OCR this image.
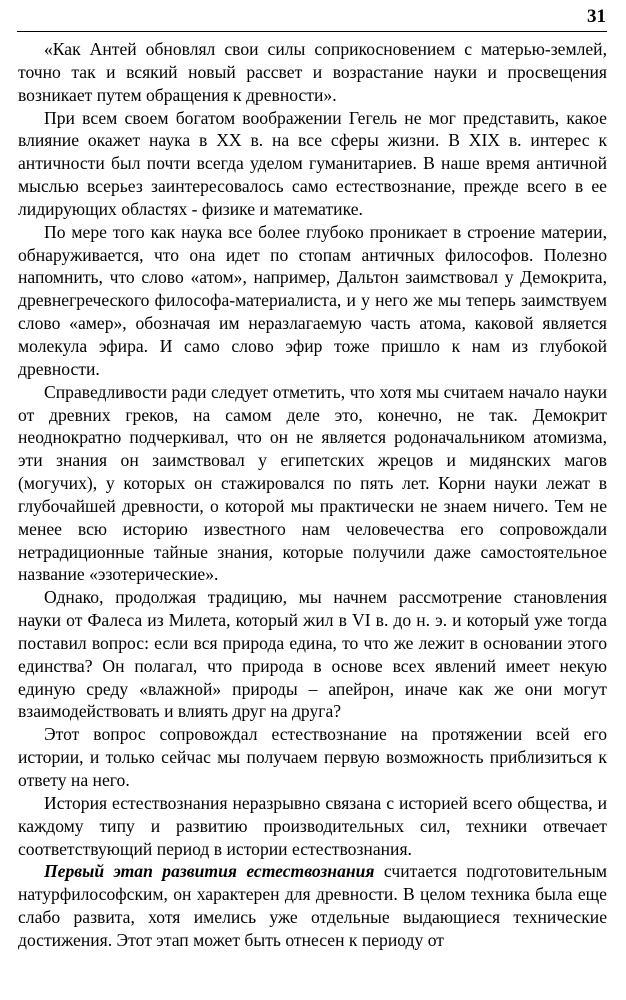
31

«Как Антей обновлял свои силы соприкосновением с матерью-землей, точно так и всякий новый рассвет и возрастание науки и просвещения возникает путем обращения к древности».

При всем своем богатом воображении Гегель не мог представить, какое влияние окажет наука в XX в. на все сферы жизни. В XIX в. интерес к античности был почти всегда уделом гуманитариев. В наше время античной мыслью всерьез заинтересовалось само естествознание, прежде всего в ее лидирующих областях - физике и математике.

По мере того как наука все более глубоко проникает в строение материи, обнаруживается, что она идет по стопам античных философов. Полезно напомнить, что слово «атом», например, Дальтон заимствовал у Демокрита, древнегреческого философа-материалиста, и у него же мы теперь заимствуем слово «амер», обозначая им неразлагаемую часть атома, каковой является молекула эфира. И само слово эфир тоже пришло к нам из глубокой древности.

Справедливости ради следует отметить, что хотя мы считаем начало науки от древних греков, на самом деле это, конечно, не так. Демокрит неоднократно подчеркивал, что он не является родоначальником атомизма, эти знания он заимствовал у египетских жрецов и мидянских магов (могучих), у которых он стажировался по пять лет. Корни науки лежат в глубочайшей древности, о которой мы практически не знаем ничего. Тем не менее всю историю известного нам человечества его сопровождали нетрадиционные тайные знания, которые получили даже самостоятельное название «эзотерические».

Однако, продолжая традицию, мы начнем рассмотрение становления науки от Фалеса из Милета, который жил в VI в. до н. э. и который уже тогда поставил вопрос: если вся природа едина, то что же лежит в основании этого единства? Он полагал, что природа в основе всех явлений имеет некую единую среду «влажной» природы – апейрон, иначе как же они могут взаимодействовать и влиять друг на друга?

Этот вопрос сопровождал естествознание на протяжении всей его истории, и только сейчас мы получаем первую возможность приблизиться к ответу на него.

История естествознания неразрывно связана с историей всего общества, и каждому типу и развитию производительных сил, техники отвечает соответствующий период в истории естествознания.

Первый этап развития естествознания считается подготовительным натурфилософским, он характерен для древности. В целом техника была еще слабо развита, хотя имелись уже отдельные выдающиеся технические достижения. Этот этап может быть отнесен к периоду от
